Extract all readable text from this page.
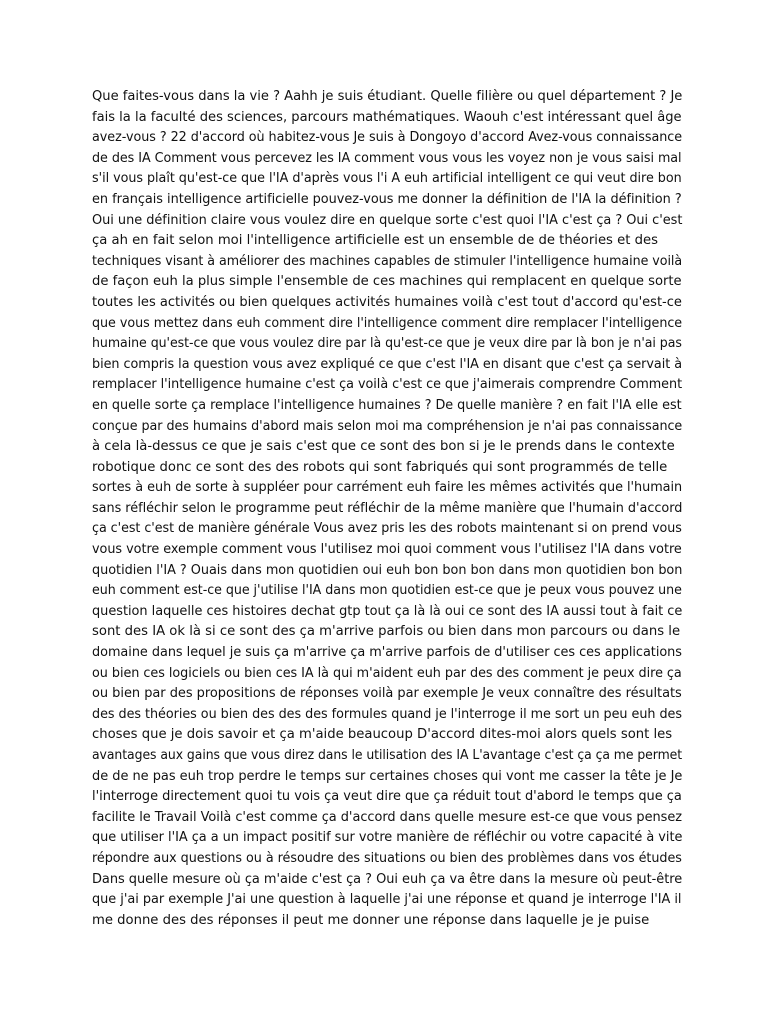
Que faites-vous dans la vie ? Aahh je suis étudiant. Quelle filière ou quel département ? Je
fais la la faculté des sciences, parcours mathématiques. Waouh c'est intéressant quel âge
avez-vous ? 22 d'accord où habitez-vous Je suis à Dongoyo d'accord Avez-vous connaissance
de des IA Comment vous percevez les IA comment vous vous les voyez non je vous saisi mal
s'il vous plaît qu'est-ce que l'IA d'après vous l'i A euh artificial intelligent ce qui veut dire bon
en français intelligence artificielle pouvez-vous me donner la définition de l'IA la définition ?
Oui une définition claire vous voulez dire en quelque sorte c'est quoi l'IA c'est ça ? Oui c'est
ça ah en fait selon moi l'intelligence artificielle est un ensemble de de théories et des
techniques visant à améliorer des machines capables de stimuler l'intelligence humaine voilà
de façon euh la plus simple l'ensemble de ces machines qui remplacent en quelque sorte
toutes les activités ou bien quelques activités humaines voilà c'est tout d'accord qu'est-ce
que vous mettez dans euh comment dire l'intelligence comment dire remplacer l'intelligence
humaine qu'est-ce que vous voulez dire par là qu'est-ce que je veux dire par là bon je n'ai pas
bien compris la question vous avez expliqué ce que c'est l'IA en disant que c'est ça servait à
remplacer l'intelligence humaine c'est ça voilà c'est ce que j'aimerais comprendre Comment
en quelle sorte ça remplace l'intelligence humaines ? De quelle manière ? en fait l'IA elle est
conçue par des humains d'abord mais selon moi ma compréhension je n'ai pas connaissance
à cela là-dessus ce que je sais c'est que ce sont des bon si je le prends dans le contexte
robotique donc ce sont des des robots qui sont fabriqués qui sont programmés de telle
sortes à euh de sorte à suppléer pour carrément euh faire les mêmes activités que l'humain
sans réfléchir selon le programme peut réfléchir de la même manière que l'humain d'accord
ça c'est c'est de manière générale Vous avez pris les des robots maintenant si on prend vous
vous votre exemple comment vous l'utilisez moi quoi comment vous l'utilisez l'IA dans votre
quotidien l'IA ? Ouais dans mon quotidien oui euh bon bon bon dans mon quotidien bon bon
euh comment est-ce que j'utilise l'IA dans mon quotidien est-ce que je peux vous pouvez une
question laquelle ces histoires dechat gtp tout ça là là oui ce sont des IA aussi tout à fait ce
sont des IA ok là si ce sont des ça m'arrive parfois ou bien dans mon parcours ou dans le
domaine dans lequel je suis ça m'arrive ça m'arrive parfois de d'utiliser ces ces applications
ou bien ces logiciels ou bien ces IA là qui m'aident euh par des des comment je peux dire ça
ou bien par des propositions de réponses voilà par exemple Je veux connaître des résultats
des des théories ou bien des des des formules quand je l'interroge il me sort un peu euh des
choses que je dois savoir et ça m'aide beaucoup D'accord dites-moi alors quels sont les
avantages aux gains que vous direz dans le utilisation des IA L'avantage c'est ça ça me permet
de de ne pas euh trop perdre le temps sur certaines choses qui vont me casser la tête je Je
l'interroge directement quoi tu vois ça veut dire que ça réduit tout d'abord le temps que ça
facilite le Travail Voilà c'est comme ça d'accord dans quelle mesure est-ce que vous pensez
que utiliser l'IA ça a un impact positif sur votre manière de réfléchir ou votre capacité à vite
répondre aux questions ou à résoudre des situations ou bien des problèmes dans vos études
Dans quelle mesure où ça m'aide c'est ça ? Oui euh ça va être dans la mesure où peut-être
que j'ai par exemple J'ai une question à laquelle j'ai une réponse et quand je interroge l'IA il
me donne des des réponses il peut me donner une réponse dans laquelle je je puise
